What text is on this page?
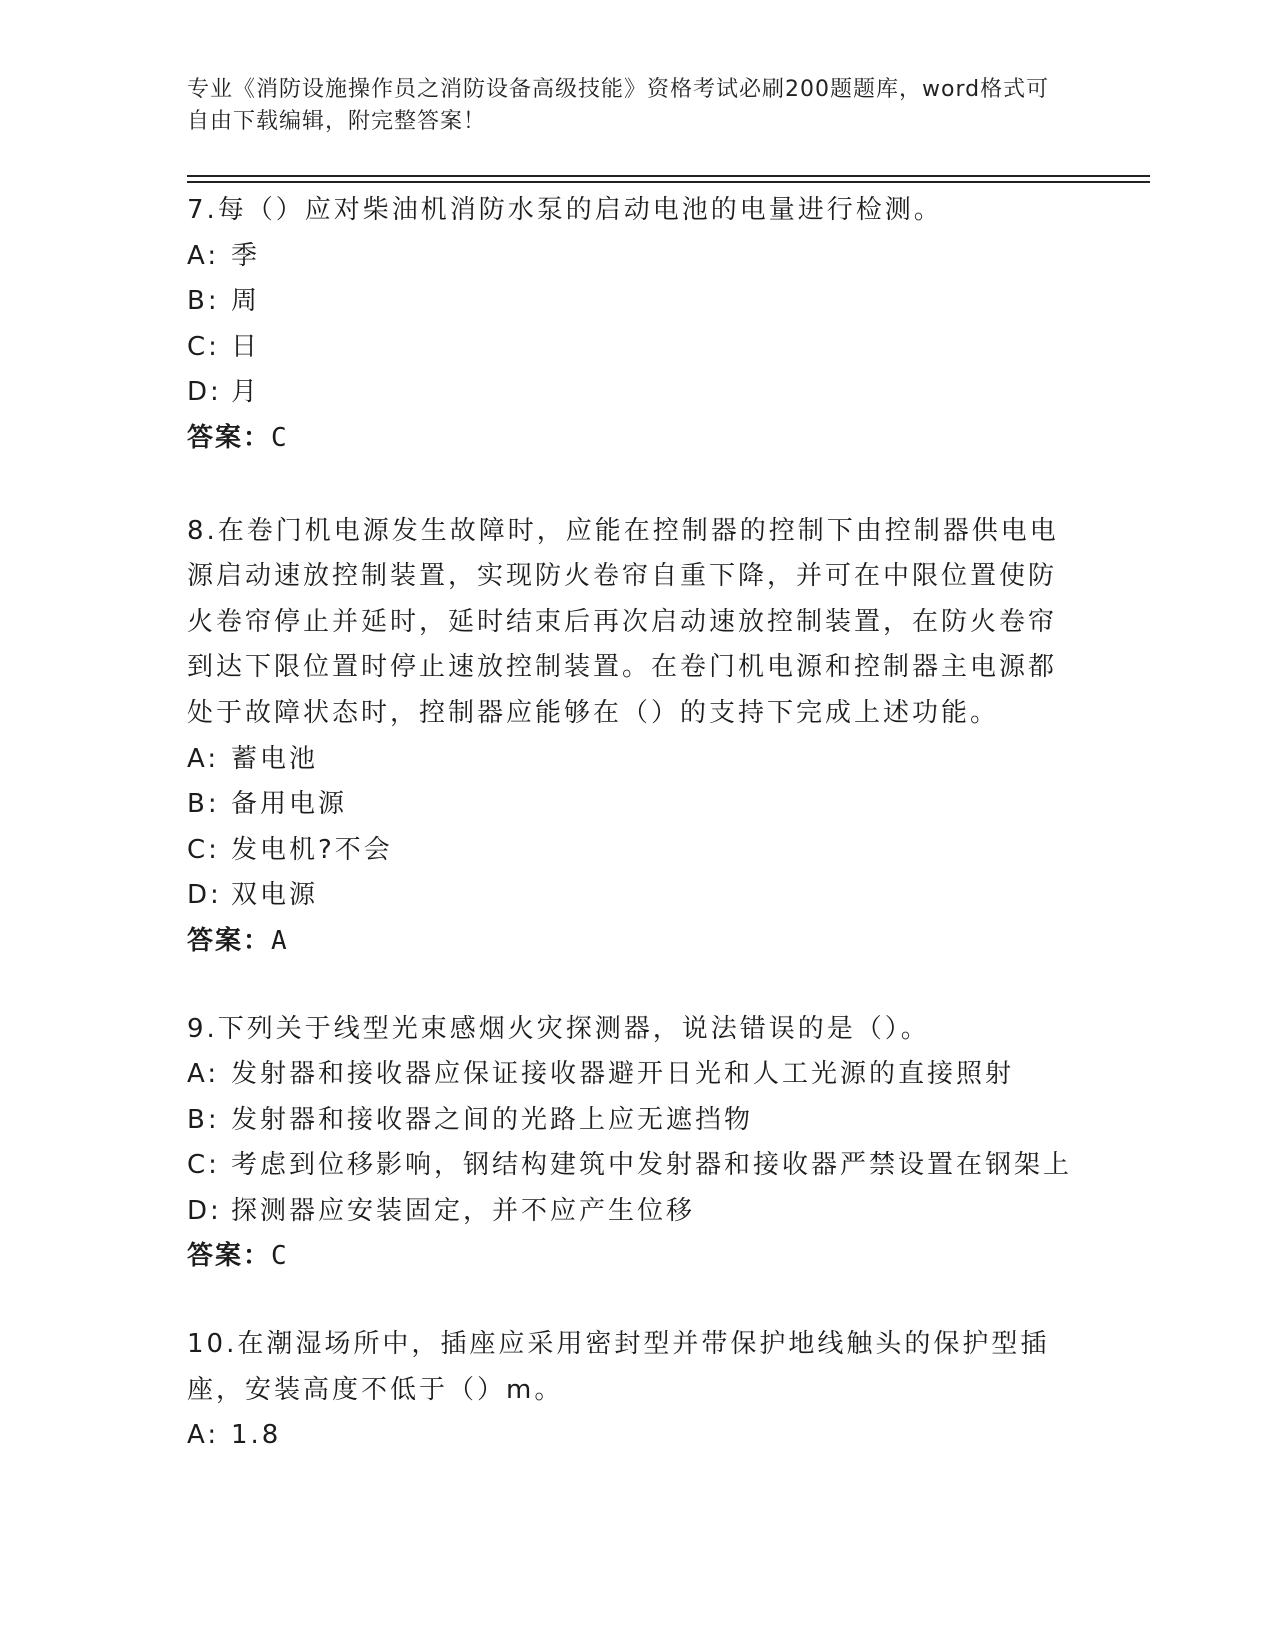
专业《消防设施操作员之消防设备高级技能》资格考试必刷200题题库，word格式可自由下载编辑，附完整答案！

7.每（）应对柴油机消防水泵的启动电池的电量进行检测。

A: 季

B: 周

C: 日

D: 月

答案：C

8.在卷门机电源发生故障时，应能在控制器的控制下由控制器供电电源启动速放控制装置，实现防火卷帘自重下降，并可在中限位置使防火卷帘停止并延时，延时结束后再次启动速放控制装置，在防火卷帘到达下限位置时停止速放控制装置。在卷门机电源和控制器主电源都处于故障状态时，控制器应能够在（）的支持下完成上述功能。

A: 蓄电池

B: 备用电源

C: 发电机?不会

D: 双电源

答案：A

9.下列关于线型光束感烟火灾探测器，说法错误的是（）。

A: 发射器和接收器应保证接收器避开日光和人工光源的直接照射

B: 发射器和接收器之间的光路上应无遮挡物

C: 考虑到位移影响，钢结构建筑中发射器和接收器严禁设置在钢架上

D: 探测器应安装固定，并不应产生位移

答案：C

10.在潮湿场所中，插座应采用密封型并带保护地线触头的保护型插座，安装高度不低于（）m。

A: 1.8
